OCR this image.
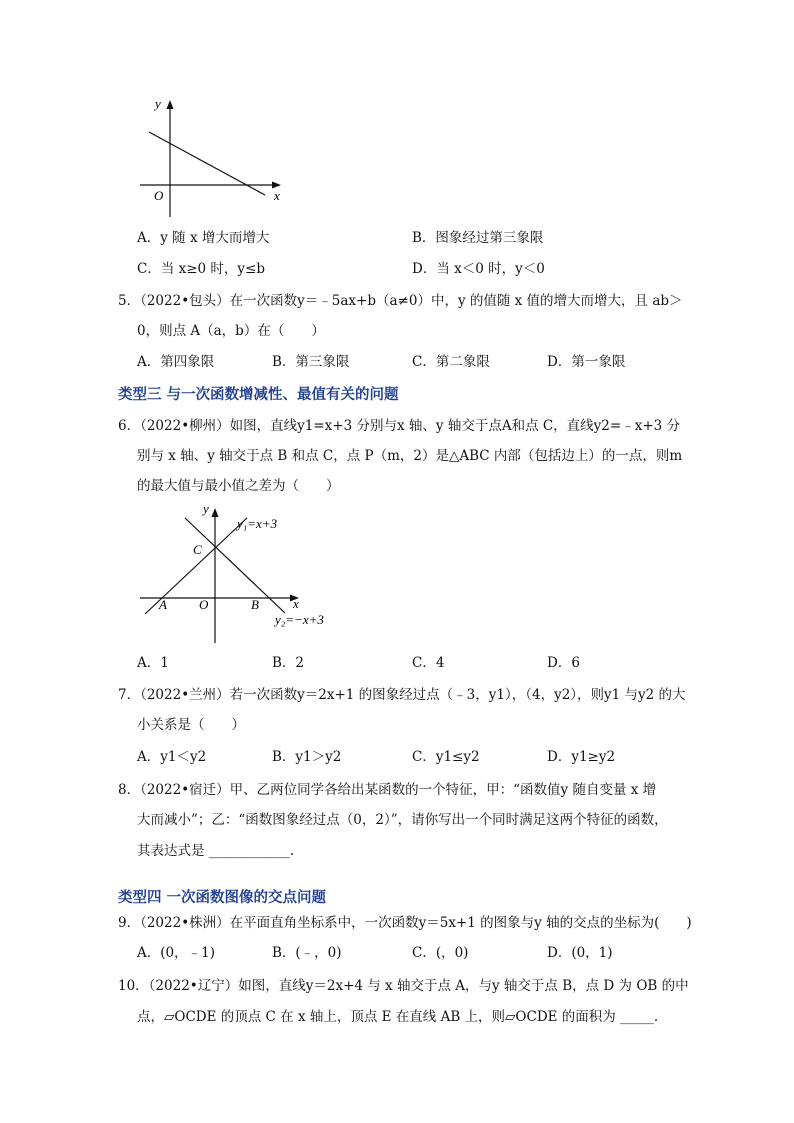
y
x
O
A．y 随 x 增大而增大	B．图象经过第三象限
C．当 x≥0 时，y≤b	D．当 x＜0 时，y＜0
5．（2022•包头）在一次函数y＝﹣5ax+b（a≠0）中，y 的值随 x 值的增大而增大，且 ab＞
0，则点 A（a，b）在（　　）
A．第四象限	B．第三象限	C．第二象限	D．第一象限
类型三 与一次函数增减性、最值有关的问题
6．（2022•柳州）如图，直线y1=x+3 分别与x 轴、y 轴交于点A和点 C，直线y2=﹣x+3 分
别与 x 轴、y 轴交于点 B 和点 C，点 P（m，2）是△ABC 内部（包括边上）的一点，则m
的最大值与最小值之差为（　　）
y
x
O
A	B
C
y₁=x+3
y₂=−x+3
A．1	B．2	C．4	D．6
7．（2022•兰州）若一次函数y＝2x+1 的图象经过点（﹣3，y1），（4，y2），则y1 与y2 的大
小关系是（　　）
A．y1＜y2	B．y1＞y2	C．y1≤y2	D．y1≥y2
8．（2022•宿迁）甲、乙两位同学各给出某函数的一个特征，甲：“函数值y 随自变量 x 增
大而减小”；乙：“函数图象经过点（0，2）”，请你写出一个同时满足这两个特征的函数，
其表达式是 ____________.
类型四 一次函数图像的交点问题
9．（2022•株洲）在平面直角坐标系中，一次函数y＝5x+1 的图象与y 轴的交点的坐标为(　　)
A．(0，﹣1)	B．(﹣，0)	C．(，0)	D．(0，1)
10．（2022•辽宁）如图，直线y＝2x+4 与 x 轴交于点 A，与y 轴交于点 B，点 D 为 OB 的中
点，▱OCDE 的顶点 C 在 x 轴上，顶点 E 在直线 AB 上，则▱OCDE 的面积为 _____.
